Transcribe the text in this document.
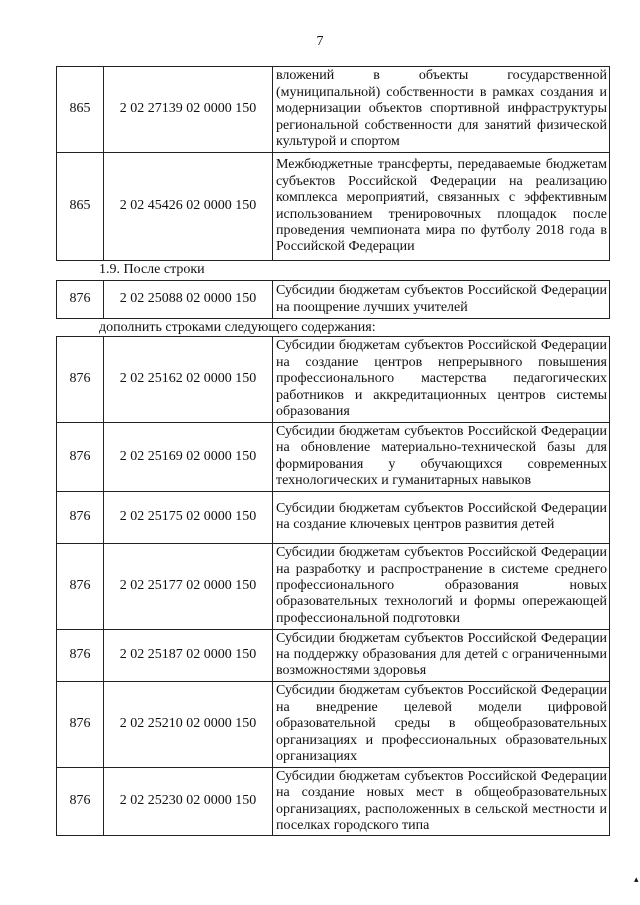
7
865	2 02 27139 02 0000 150	вложений в объекты государственной (муниципальной) собственности в рамках создания и модернизации объектов спортивной инфраструктуры региональной собственности для занятий физической культурой и спортом
865	2 02 45426 02 0000 150	Межбюджетные трансферты, передаваемые бюджетам субъектов Российской Федерации на реализацию комплекса мероприятий, связанных с эффективным использованием тренировочных площадок после проведения чемпионата мира по футболу 2018 года в Российской Федерации
1.9. После строки
876	2 02 25088 02 0000 150	Субсидии бюджетам субъектов Российской Федерации на поощрение лучших учителей
дополнить строками следующего содержания:
876	2 02 25162 02 0000 150	Субсидии бюджетам субъектов Российской Федерации на создание центров непрерывного повышения профессионального мастерства педагогических работников и аккредитационных центров системы образования
876	2 02 25169 02 0000 150	Субсидии бюджетам субъектов Российской Федерации на обновление материально-технической базы для формирования у обучающихся современных технологических и гуманитарных навыков
876	2 02 25175 02 0000 150	Субсидии бюджетам субъектов Российской Федерации на создание ключевых центров развития детей
876	2 02 25177 02 0000 150	Субсидии бюджетам субъектов Российской Федерации на разработку и распространение в системе среднего профессионального образования новых образовательных технологий и формы опережающей профессиональной подготовки
876	2 02 25187 02 0000 150	Субсидии бюджетам субъектов Российской Федерации на поддержку образования для детей с ограниченными возможностями здоровья
876	2 02 25210 02 0000 150	Субсидии бюджетам субъектов Российской Федерации на внедрение целевой модели цифровой образовательной среды в общеобразовательных организациях и профессиональных образовательных организациях
876	2 02 25230 02 0000 150	Субсидии бюджетам субъектов Российской Федерации на создание новых мест в общеобразовательных организациях, расположенных в сельской местности и поселках городского типа
▴
